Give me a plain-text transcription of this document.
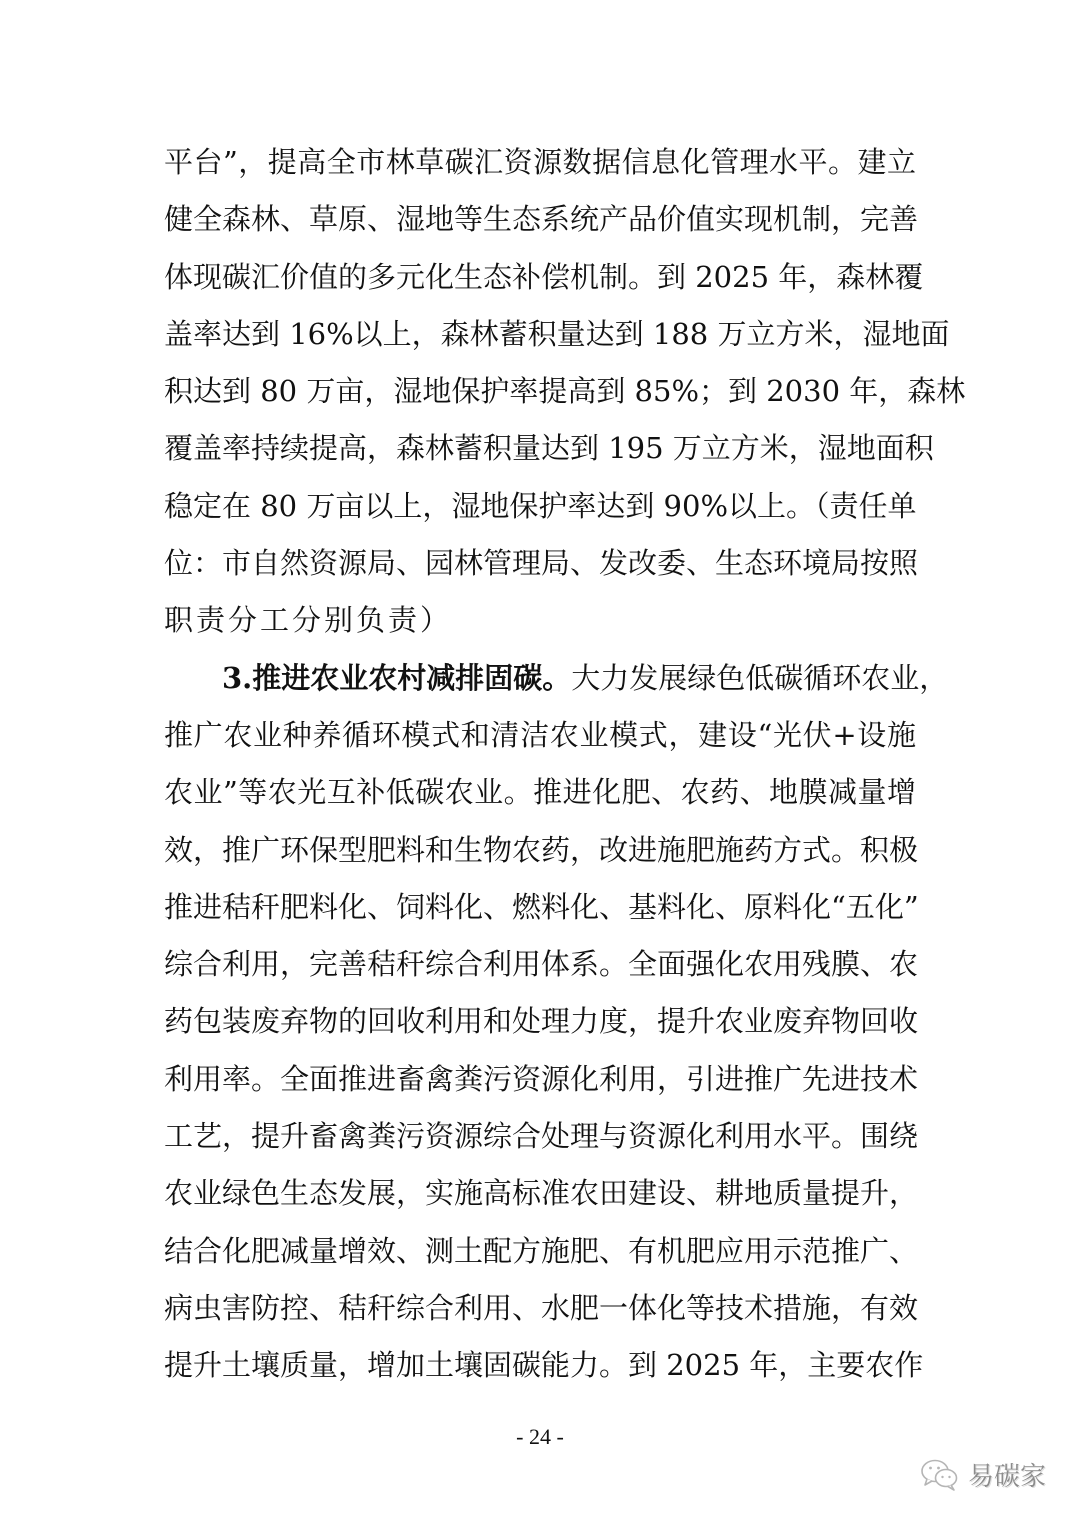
平台”，提高全市林草碳汇资源数据信息化管理水平。建立
健全森林、草原、湿地等生态系统产品价值实现机制，完善
体现碳汇价值的多元化生态补偿机制。到 2025 年，森林覆
盖率达到 16%以上，森林蓄积量达到 188 万立方米，湿地面
积达到 80 万亩，湿地保护率提高到 85%；到 2030 年，森林
覆盖率持续提高，森林蓄积量达到 195 万立方米，湿地面积
稳定在 80 万亩以上，湿地保护率达到 90%以上。（责任单
位：市自然资源局、园林管理局、发改委、生态环境局按照
职责分工分别负责）
3.推进农业农村减排固碳。大力发展绿色低碳循环农业，
推广农业种养循环模式和清洁农业模式，建设“光伏+设施
农业”等农光互补低碳农业。推进化肥、农药、地膜减量增
效，推广环保型肥料和生物农药，改进施肥施药方式。积极
推进秸秆肥料化、饲料化、燃料化、基料化、原料化“五化”
综合利用，完善秸秆综合利用体系。全面强化农用残膜、农
药包装废弃物的回收利用和处理力度，提升农业废弃物回收
利用率。全面推进畜禽粪污资源化利用，引进推广先进技术
工艺，提升畜禽粪污资源综合处理与资源化利用水平。围绕
农业绿色生态发展，实施高标准农田建设、耕地质量提升，
结合化肥减量增效、测土配方施肥、有机肥应用示范推广、
病虫害防控、秸秆综合利用、水肥一体化等技术措施，有效
提升土壤质量，增加土壤固碳能力。到 2025 年，主要农作
- 24 -
易碳家
